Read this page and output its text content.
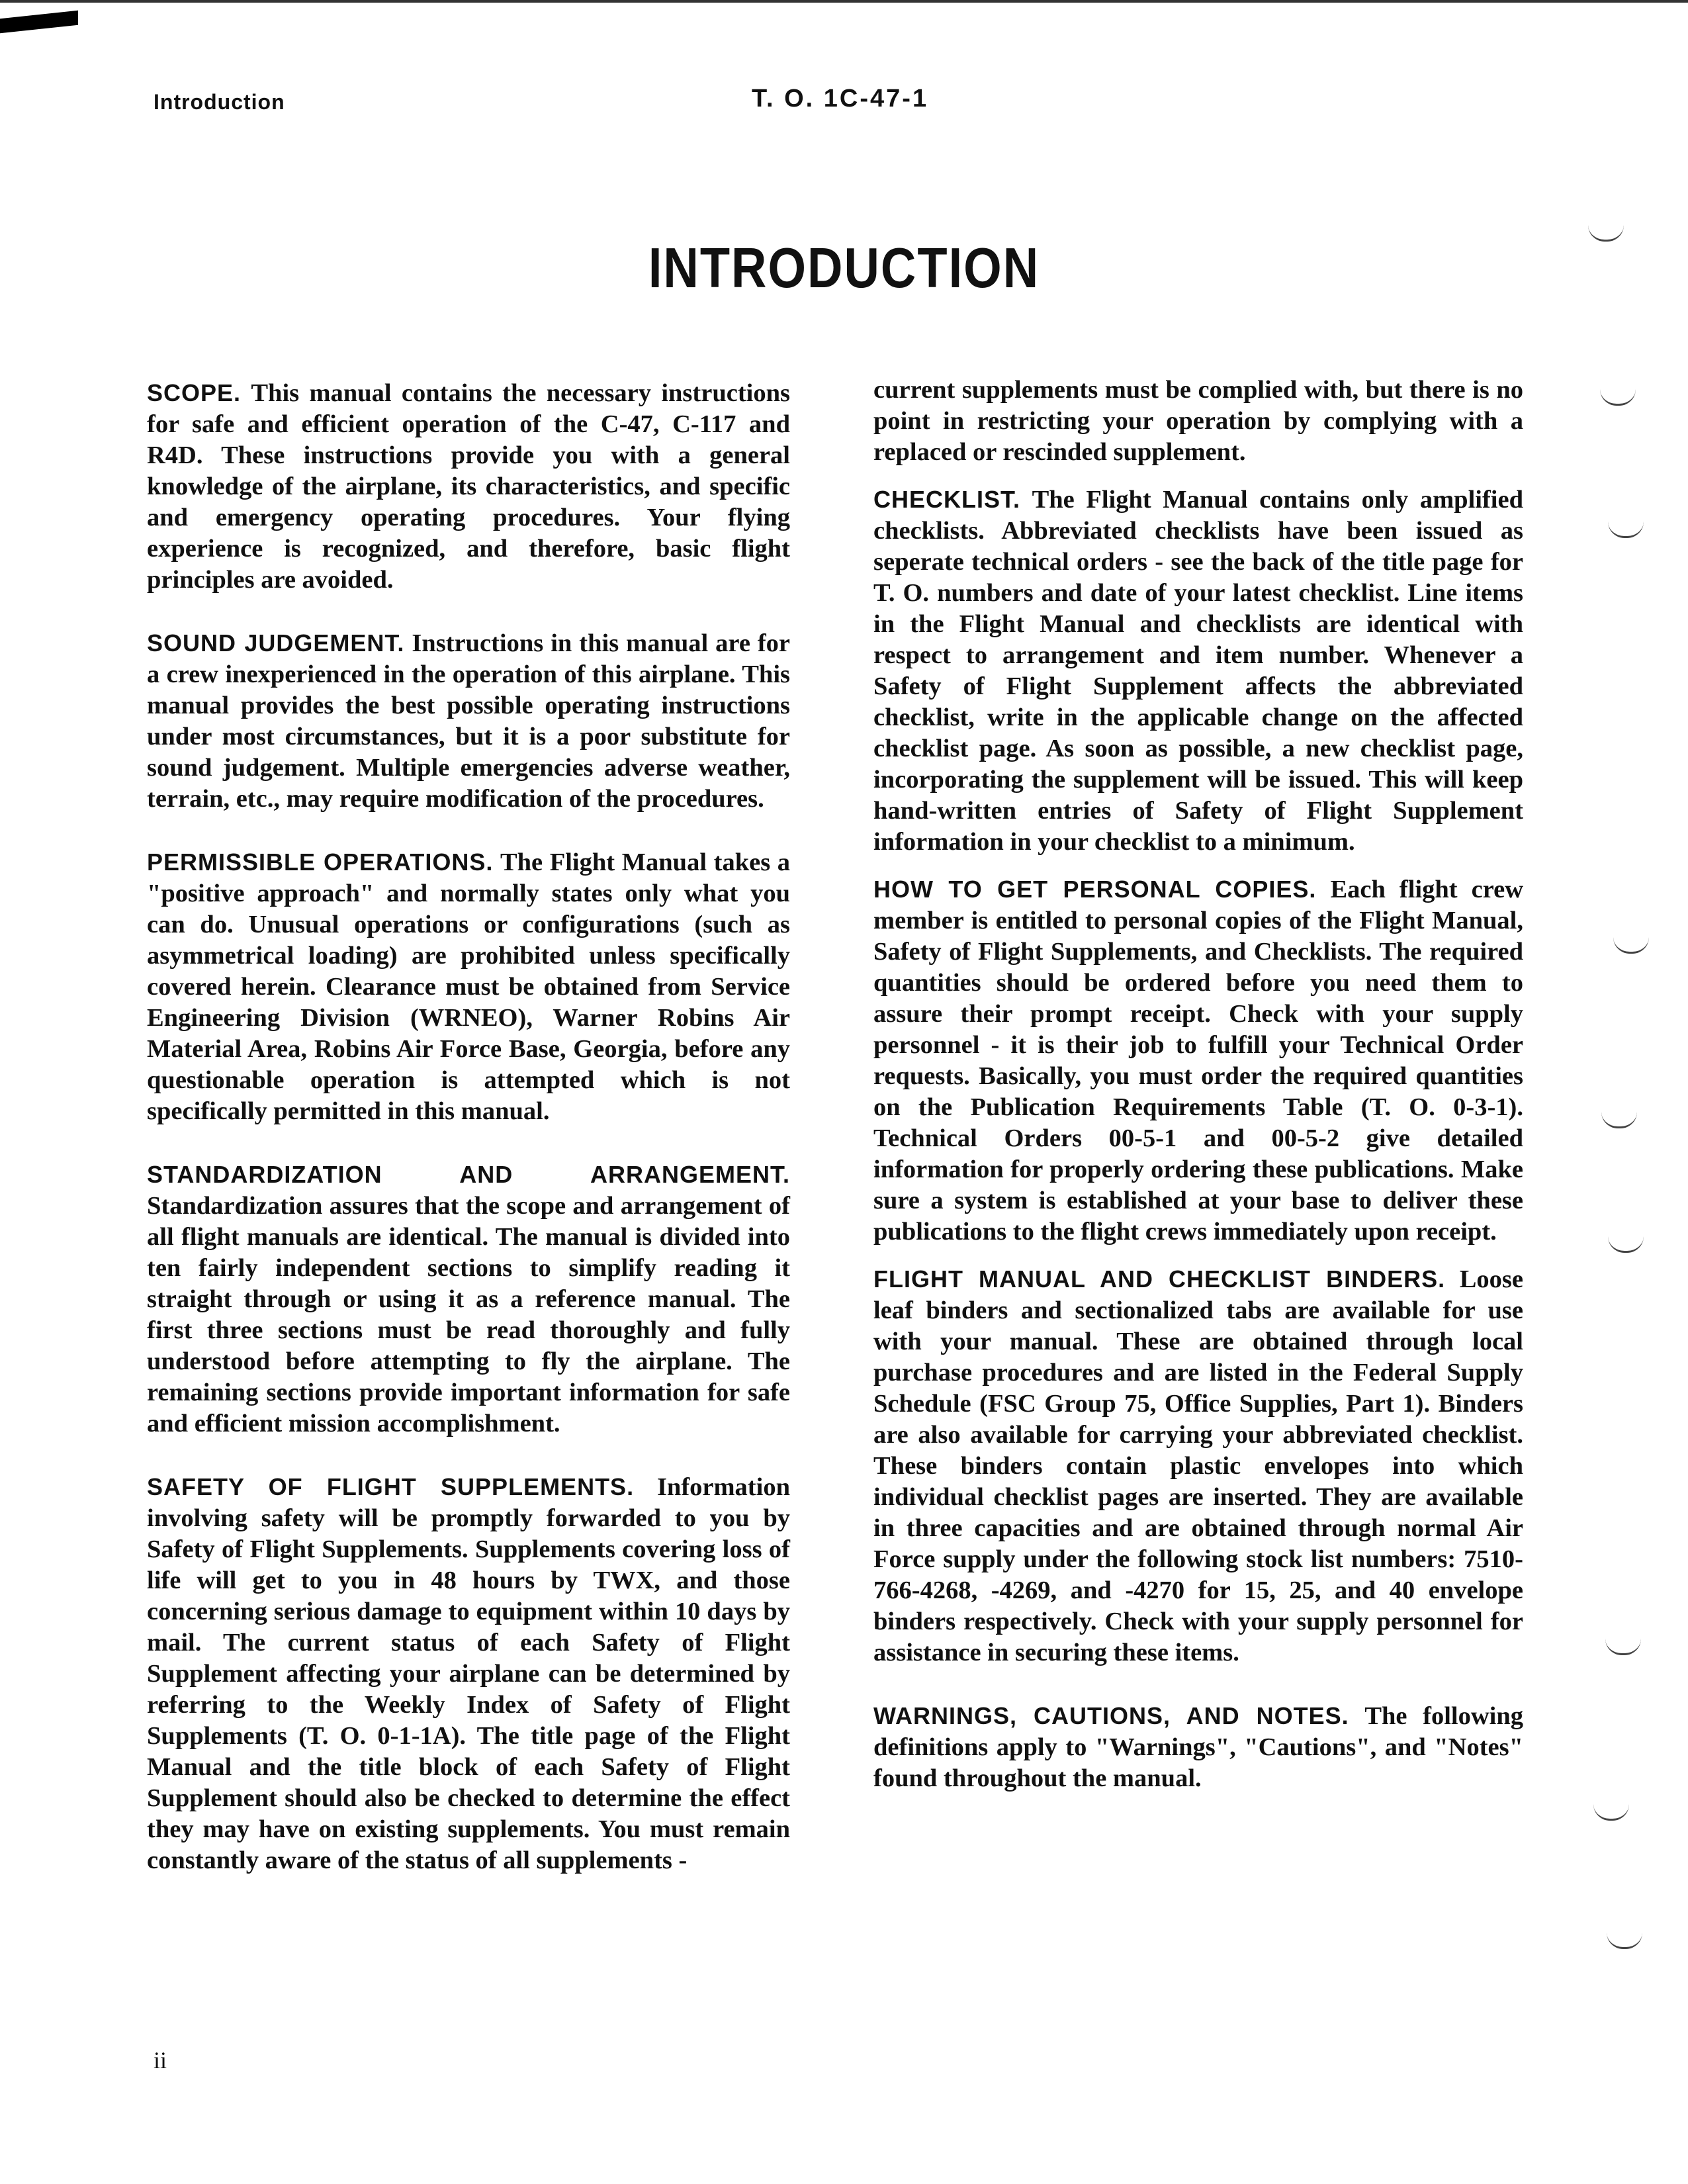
Introduction	T. O. 1C-47-1
INTRODUCTION

SCOPE. This manual contains the necessary instructions for safe and efficient operation of the C-47, C-117 and R4D. These instructions provide you with a general knowledge of the airplane, its characteristics, and specific and emergency operating procedures. Your flying experience is recognized, and therefore, basic flight principles are avoided.

SOUND JUDGEMENT. Instructions in this manual are for a crew inexperienced in the operation of this airplane. This manual provides the best possible operating instructions under most circumstances, but it is a poor substitute for sound judgement. Multiple emergencies adverse weather, terrain, etc., may require modification of the procedures.

PERMISSIBLE OPERATIONS. The Flight Manual takes a "positive approach" and normally states only what you can do. Unusual operations or configurations (such as asymmetrical loading) are prohibited unless specifically covered herein. Clearance must be obtained from Service Engineering Division (WRNEO), Warner Robins Air Material Area, Robins Air Force Base, Georgia, before any questionable operation is attempted which is not specifically permitted in this manual.

STANDARDIZATION AND ARRANGEMENT. Standardization assures that the scope and arrangement of all flight manuals are identical. The manual is divided into ten fairly independent sections to simplify reading it straight through or using it as a reference manual. The first three sections must be read thoroughly and fully understood before attempting to fly the airplane. The remaining sections provide important information for safe and efficient mission accomplishment.

SAFETY OF FLIGHT SUPPLEMENTS. Information involving safety will be promptly forwarded to you by Safety of Flight Supplements. Supplements covering loss of life will get to you in 48 hours by TWX, and those concerning serious damage to equipment within 10 days by mail. The current status of each Safety of Flight Supplement affecting your airplane can be determined by referring to the Weekly Index of Safety of Flight Supplements (T. O. 0-1-1A). The title page of the Flight Manual and the title block of each Safety of Flight Supplement should also be checked to determine the effect they may have on existing supplements. You must remain constantly aware of the status of all supplements -

current supplements must be complied with, but there is no point in restricting your operation by complying with a replaced or rescinded supplement.

CHECKLIST. The Flight Manual contains only amplified checklists. Abbreviated checklists have been issued as seperate technical orders - see the back of the title page for T. O. numbers and date of your latest checklist. Line items in the Flight Manual and checklists are identical with respect to arrangement and item number. Whenever a Safety of Flight Supplement affects the abbreviated checklist, write in the applicable change on the affected checklist page. As soon as possible, a new checklist page, incorporating the supplement will be issued. This will keep hand-written entries of Safety of Flight Supplement information in your checklist to a minimum.

HOW TO GET PERSONAL COPIES. Each flight crew member is entitled to personal copies of the Flight Manual, Safety of Flight Supplements, and Checklists. The required quantities should be ordered before you need them to assure their prompt receipt. Check with your supply personnel - it is their job to fulfill your Technical Order requests. Basically, you must order the required quantities on the Publication Requirements Table (T. O. 0-3-1). Technical Orders 00-5-1 and 00-5-2 give detailed information for properly ordering these publications. Make sure a system is established at your base to deliver these publications to the flight crews immediately upon receipt.

FLIGHT MANUAL AND CHECKLIST BINDERS. Loose leaf binders and sectionalized tabs are available for use with your manual. These are obtained through local purchase procedures and are listed in the Federal Supply Schedule (FSC Group 75, Office Supplies, Part 1). Binders are also available for carrying your abbreviated checklist. These binders contain plastic envelopes into which individual checklist pages are inserted. They are available in three capacities and are obtained through normal Air Force supply under the following stock list numbers: 7510-766-4268, -4269, and -4270 for 15, 25, and 40 envelope binders respectively. Check with your supply personnel for assistance in securing these items.

WARNINGS, CAUTIONS, AND NOTES. The following definitions apply to "Warnings", "Cautions", and "Notes" found throughout the manual.

ii
